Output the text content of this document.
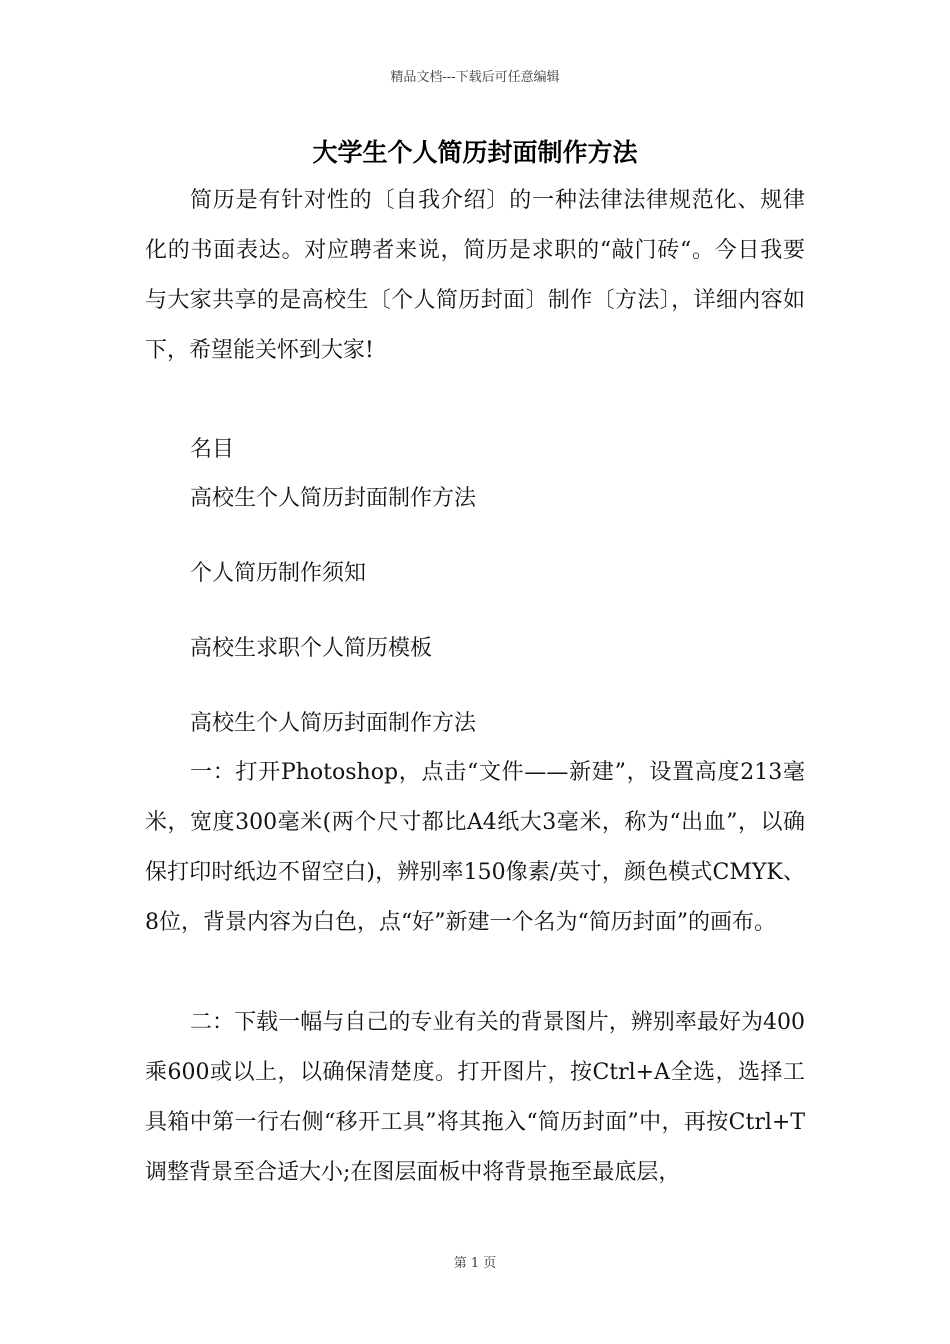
精品文档---下载后可任意编辑
大学生个人简历封面制作方法

简历是有针对性的〔自我介绍〕的一种法律法律规范化、规律化的书面表达。对应聘者来说，简历是求职的“敲门砖“。今日我要与大家共享的是高校生〔个人简历封面〕制作〔方法〕，详细内容如下，希望能关怀到大家!

名目
高校生个人简历封面制作方法
个人简历制作须知
高校生求职个人简历模板
高校生个人简历封面制作方法

一：打开Photoshop，点击“文件——新建”，设置高度213毫米，宽度300毫米(两个尺寸都比A4纸大3毫米，称为“出血”，以确保打印时纸边不留空白)，辨别率150像素/英寸，颜色模式CMYK、8位，背景内容为白色，点“好”新建一个名为“简历封面”的画布。

二：下载一幅与自己的专业有关的背景图片，辨别率最好为400乘600或以上，以确保清楚度。打开图片，按Ctrl+A全选，选择工具箱中第一行右侧“移开工具”将其拖入“简历封面”中，再按Ctrl+T调整背景至合适大小;在图层面板中将背景拖至最底层，

第 1 页
